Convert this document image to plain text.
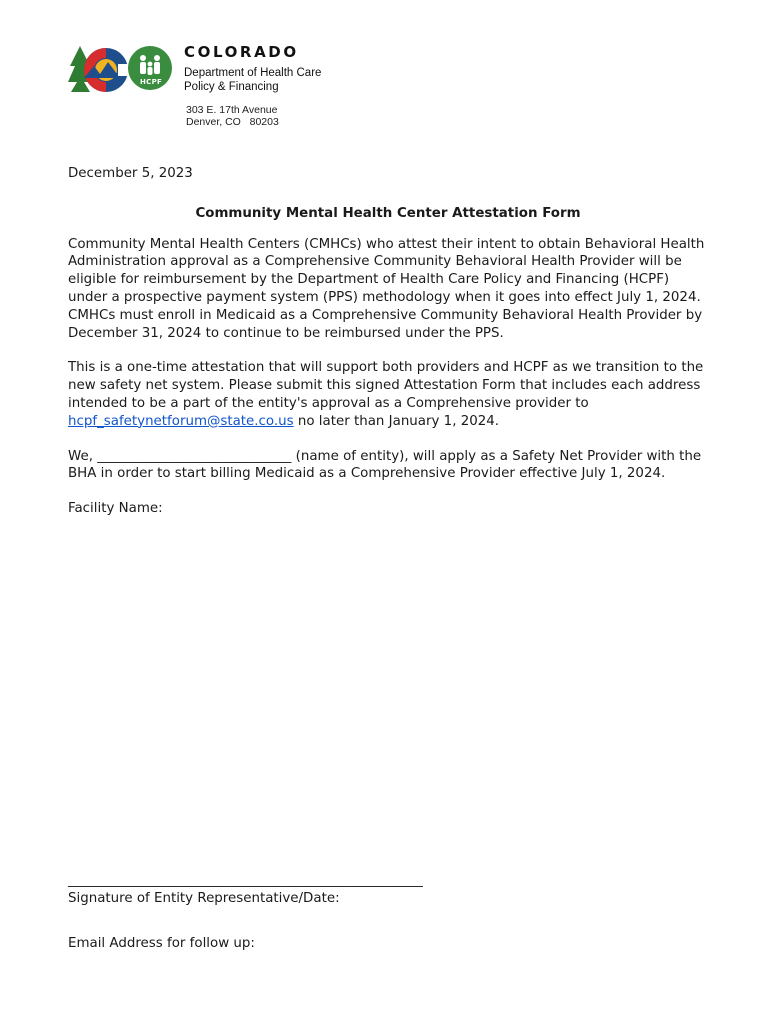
HCPF
COLORADO
Department of Health Care
Policy & Financing
303 E. 17th Avenue
Denver, CO   80203

December 5, 2023

Community Mental Health Center Attestation Form

Community Mental Health Centers (CMHCs) who attest their intent to obtain Behavioral Health Administration approval as a Comprehensive Community Behavioral Health Provider will be eligible for reimbursement by the Department of Health Care Policy and Financing (HCPF) under a prospective payment system (PPS) methodology when it goes into effect July 1, 2024. CMHCs must enroll in Medicaid as a Comprehensive Community Behavioral Health Provider by December 31, 2024 to continue to be reimbursed under the PPS.

This is a one-time attestation that will support both providers and HCPF as we transition to the new safety net system. Please submit this signed Attestation Form that includes each address intended to be a part of the entity's approval as a Comprehensive provider to hcpf_safetynetforum@state.co.us no later than January 1, 2024.

We, _____________________________ (name of entity), will apply as a Safety Net Provider with the BHA in order to start billing Medicaid as a Comprehensive Provider effective July 1, 2024.

Facility Name:

_____________________________________________________

Signature of Entity Representative/Date:

Email Address for follow up:
